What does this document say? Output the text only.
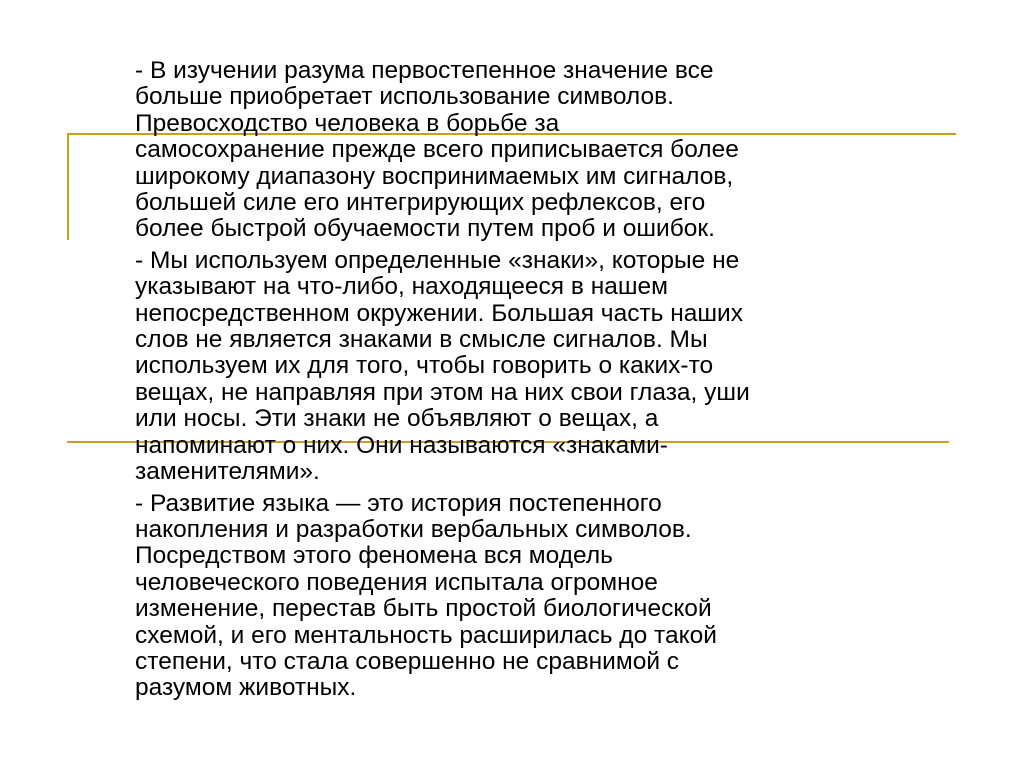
- В изучении разума первостепенное значение все
больше приобретает использование символов.
Превосходство человека в борьбе за
самосохранение прежде всего приписывается более
широкому диапазону воспринимаемых им сигналов,
большей силе его интегрирующих рефлексов, его
более быстрой обучаемости путем проб и ошибок.

- Мы используем определенные «знаки», которые не
указывают на что-либо, находящееся в нашем
непосредственном окружении. Большая часть наших
слов не является знаками в смысле сигналов. Мы
используем их для того, чтобы говорить о каких-то
вещах, не направляя при этом на них свои глаза, уши
или носы. Эти знаки не объявляют о вещах, а
напоминают о них. Они называются «знаками-
заменителями».

- Развитие языка — это история постепенного
накопления и разработки вербальных символов.
Посредством этого феномена вся модель
человеческого поведения испытала огромное
изменение, перестав быть простой биологической
схемой, и его ментальность расширилась до такой
степени, что стала совершенно не сравнимой с
разумом животных.
